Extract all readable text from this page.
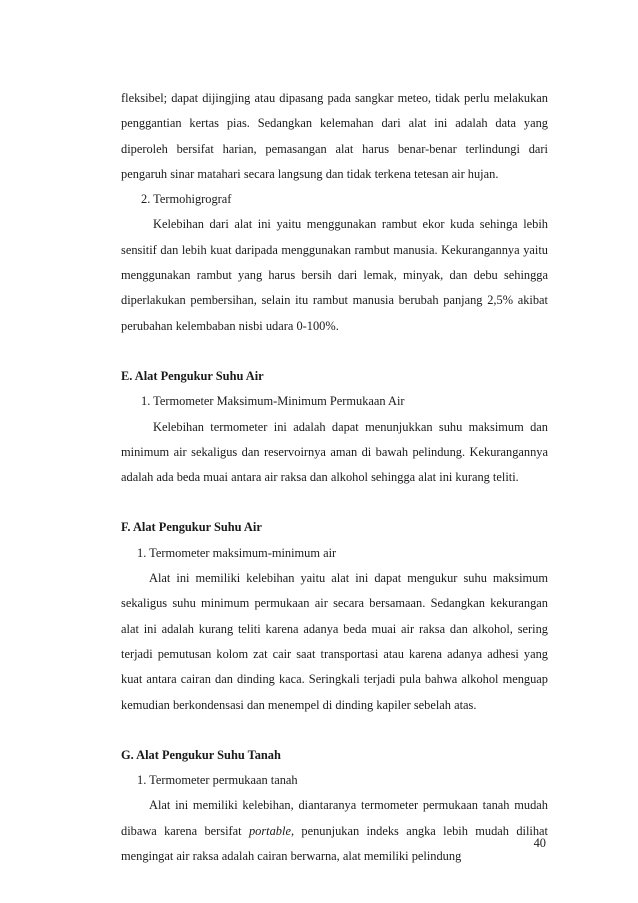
fleksibel; dapat dijingjing atau dipasang pada sangkar meteo, tidak perlu melakukan penggantian kertas pias. Sedangkan kelemahan dari alat ini adalah data yang diperoleh bersifat harian, pemasangan alat harus benar-benar terlindungi dari pengaruh sinar matahari secara langsung dan tidak terkena tetesan air hujan.

2. Termohigrograf

Kelebihan dari alat ini yaitu menggunakan rambut ekor kuda sehinga lebih sensitif dan lebih kuat daripada menggunakan rambut manusia. Kekurangannya yaitu menggunakan rambut yang harus bersih dari lemak, minyak, dan debu sehingga diperlakukan pembersihan, selain itu rambut manusia berubah panjang 2,5% akibat perubahan kelembaban nisbi udara 0-100%.

E. Alat Pengukur Suhu Air

1. Termometer Maksimum-Minimum Permukaan Air

Kelebihan termometer ini adalah dapat menunjukkan suhu maksimum dan minimum air sekaligus dan reservoirnya aman di bawah pelindung. Kekurangannya adalah ada beda muai antara air raksa dan alkohol sehingga alat ini kurang teliti.

F. Alat Pengukur Suhu Air

1. Termometer maksimum-minimum air

Alat ini memiliki kelebihan yaitu alat ini dapat mengukur suhu maksimum sekaligus suhu minimum permukaan air secara bersamaan. Sedangkan kekurangan alat ini adalah kurang teliti karena adanya beda muai air raksa dan alkohol, sering terjadi pemutusan kolom zat cair saat transportasi atau karena adanya adhesi yang kuat antara cairan dan dinding kaca. Seringkali terjadi pula bahwa alkohol menguap kemudian berkondensasi dan menempel di dinding kapiler sebelah atas.

G. Alat Pengukur Suhu Tanah

1. Termometer permukaan tanah

Alat ini memiliki kelebihan, diantaranya termometer permukaan tanah mudah dibawa karena bersifat portable, penunjukan indeks angka lebih mudah dilihat mengingat air raksa adalah cairan berwarna, alat memiliki pelindung

40
